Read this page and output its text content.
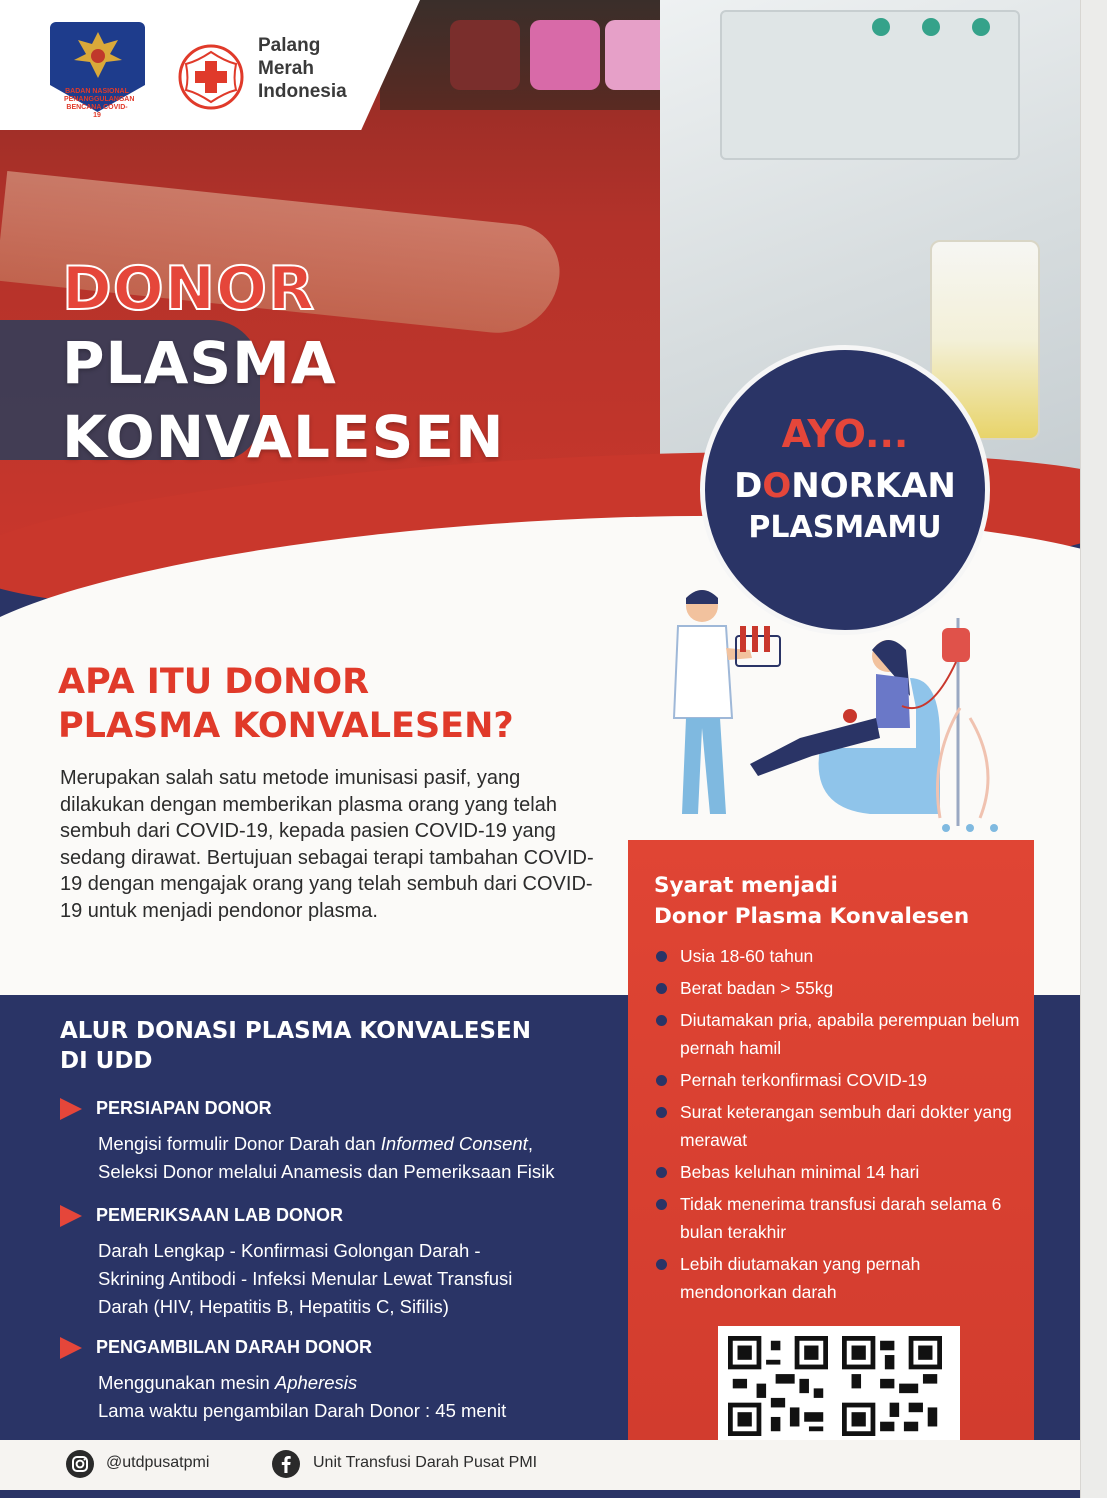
BADAN NASIONAL PENANGGULANGAN BENCANA COVID-19
Palang
Merah
Indonesia
DONOR
PLASMA
KONVALESEN	AYO...
DONORKAN
PLASMAMU
APA ITU DONOR
PLASMA KONVALESEN?
Merupakan salah satu metode imunisasi pasif, yang dilakukan dengan memberikan plasma orang yang telah sembuh dari COVID-19, kepada pasien COVID-19 yang sedang dirawat. Bertujuan sebagai terapi tambahan COVID-19 dengan mengajak orang yang telah sembuh dari COVID-19 untuk menjadi pendonor plasma.
ALUR DONASI PLASMA KONVALESEN
DI UDD
PERSIAPAN DONOR
Mengisi formulir Donor Darah dan Informed Consent,
Seleksi Donor melalui Anamesis dan Pemeriksaan Fisik
PEMERIKSAAN LAB DONOR
Darah Lengkap - Konfirmasi Golongan Darah -
Skrining Antibodi - Infeksi Menular Lewat Transfusi
Darah (HIV, Hepatitis B, Hepatitis C, Sifilis)
PENGAMBILAN DARAH DONOR
Menggunakan mesin Apheresis
Lama waktu pengambilan Darah Donor : 45 menit
Syarat menjadi
Donor Plasma Konvalesen
Usia 18-60 tahun
Berat badan > 55kg
Diutamakan pria, apabila perempuan belum pernah hamil
Pernah terkonfirmasi COVID-19
Surat keterangan sembuh dari dokter yang merawat
Bebas keluhan minimal 14 hari
Tidak menerima transfusi darah selama 6 bulan terakhir
Lebih diutamakan yang pernah mendonorkan darah
@utdpusatpmi	Unit Transfusi Darah Pusat PMI
